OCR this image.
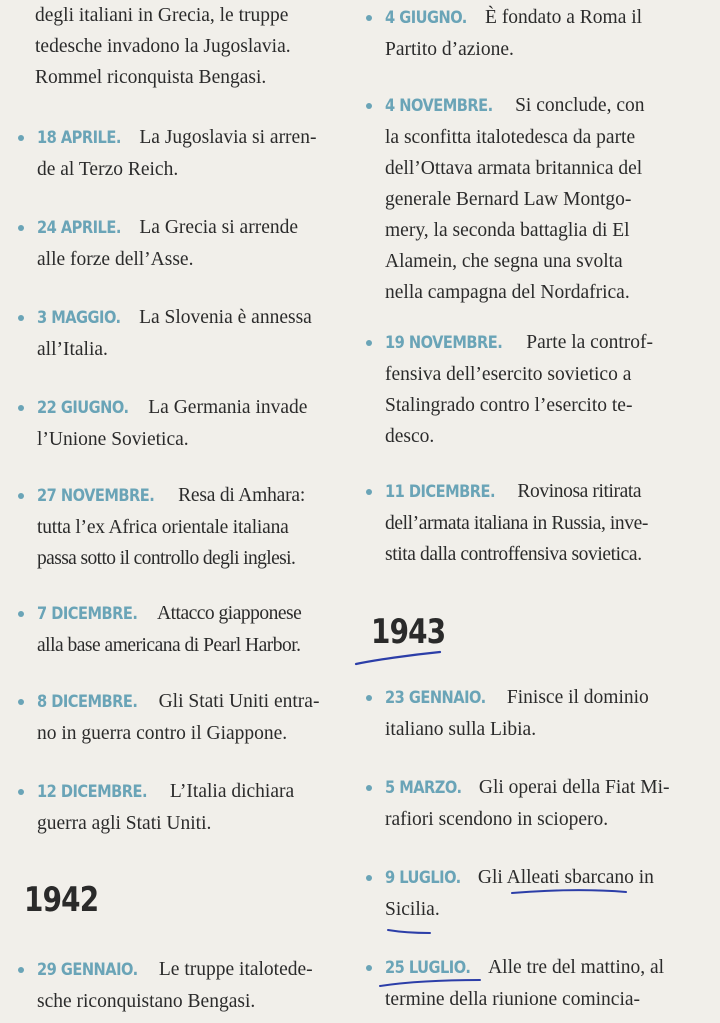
degli italiani in Grecia, le truppe
tedesche invadono la Jugoslavia.
Rommel riconquista Bengasi.
18 APRILE. La Jugoslavia si arren-
de al Terzo Reich.
24 APRILE. La Grecia si arrende
alle forze dell’Asse.
3 MAGGIO. La Slovenia è annessa
all’Italia.
22 GIUGNO. La Germania invade
l’Unione Sovietica.
27 NOVEMBRE. Resa di Amhara:
tutta l’ex Africa orientale italiana
passa sotto il controllo degli inglesi.
7 DICEMBRE. Attacco giapponese
alla base americana di Pearl Harbor.
8 DICEMBRE. Gli Stati Uniti entra-
no in guerra contro il Giappone.
12 DICEMBRE. L’Italia dichiara
guerra agli Stati Uniti.
1942
29 GENNAIO. Le truppe italotede-
sche riconquistano Bengasi.
4 GIUGNO. È fondato a Roma il
Partito d’azione.
4 NOVEMBRE. Si conclude, con
la sconfitta italotedesca da parte
dell’Ottava armata britannica del
generale Bernard Law Montgo-
mery, la seconda battaglia di El
Alamein, che segna una svolta
nella campagna del Nordafrica.
19 NOVEMBRE. Parte la controf-
fensiva dell’esercito sovietico a
Stalingrado contro l’esercito te-
desco.
11 DICEMBRE. Rovinosa ritirata
dell’armata italiana in Russia, inve-
stita dalla controffensiva sovietica.
1943
23 GENNAIO. Finisce il dominio
italiano sulla Libia.
5 MARZO. Gli operai della Fiat Mi-
rafiori scendono in sciopero.
9 LUGLIO. Gli Alleati sbarcano in
Sicilia.
25 LUGLIO. Alle tre del mattino, al
termine della riunione comincia-
